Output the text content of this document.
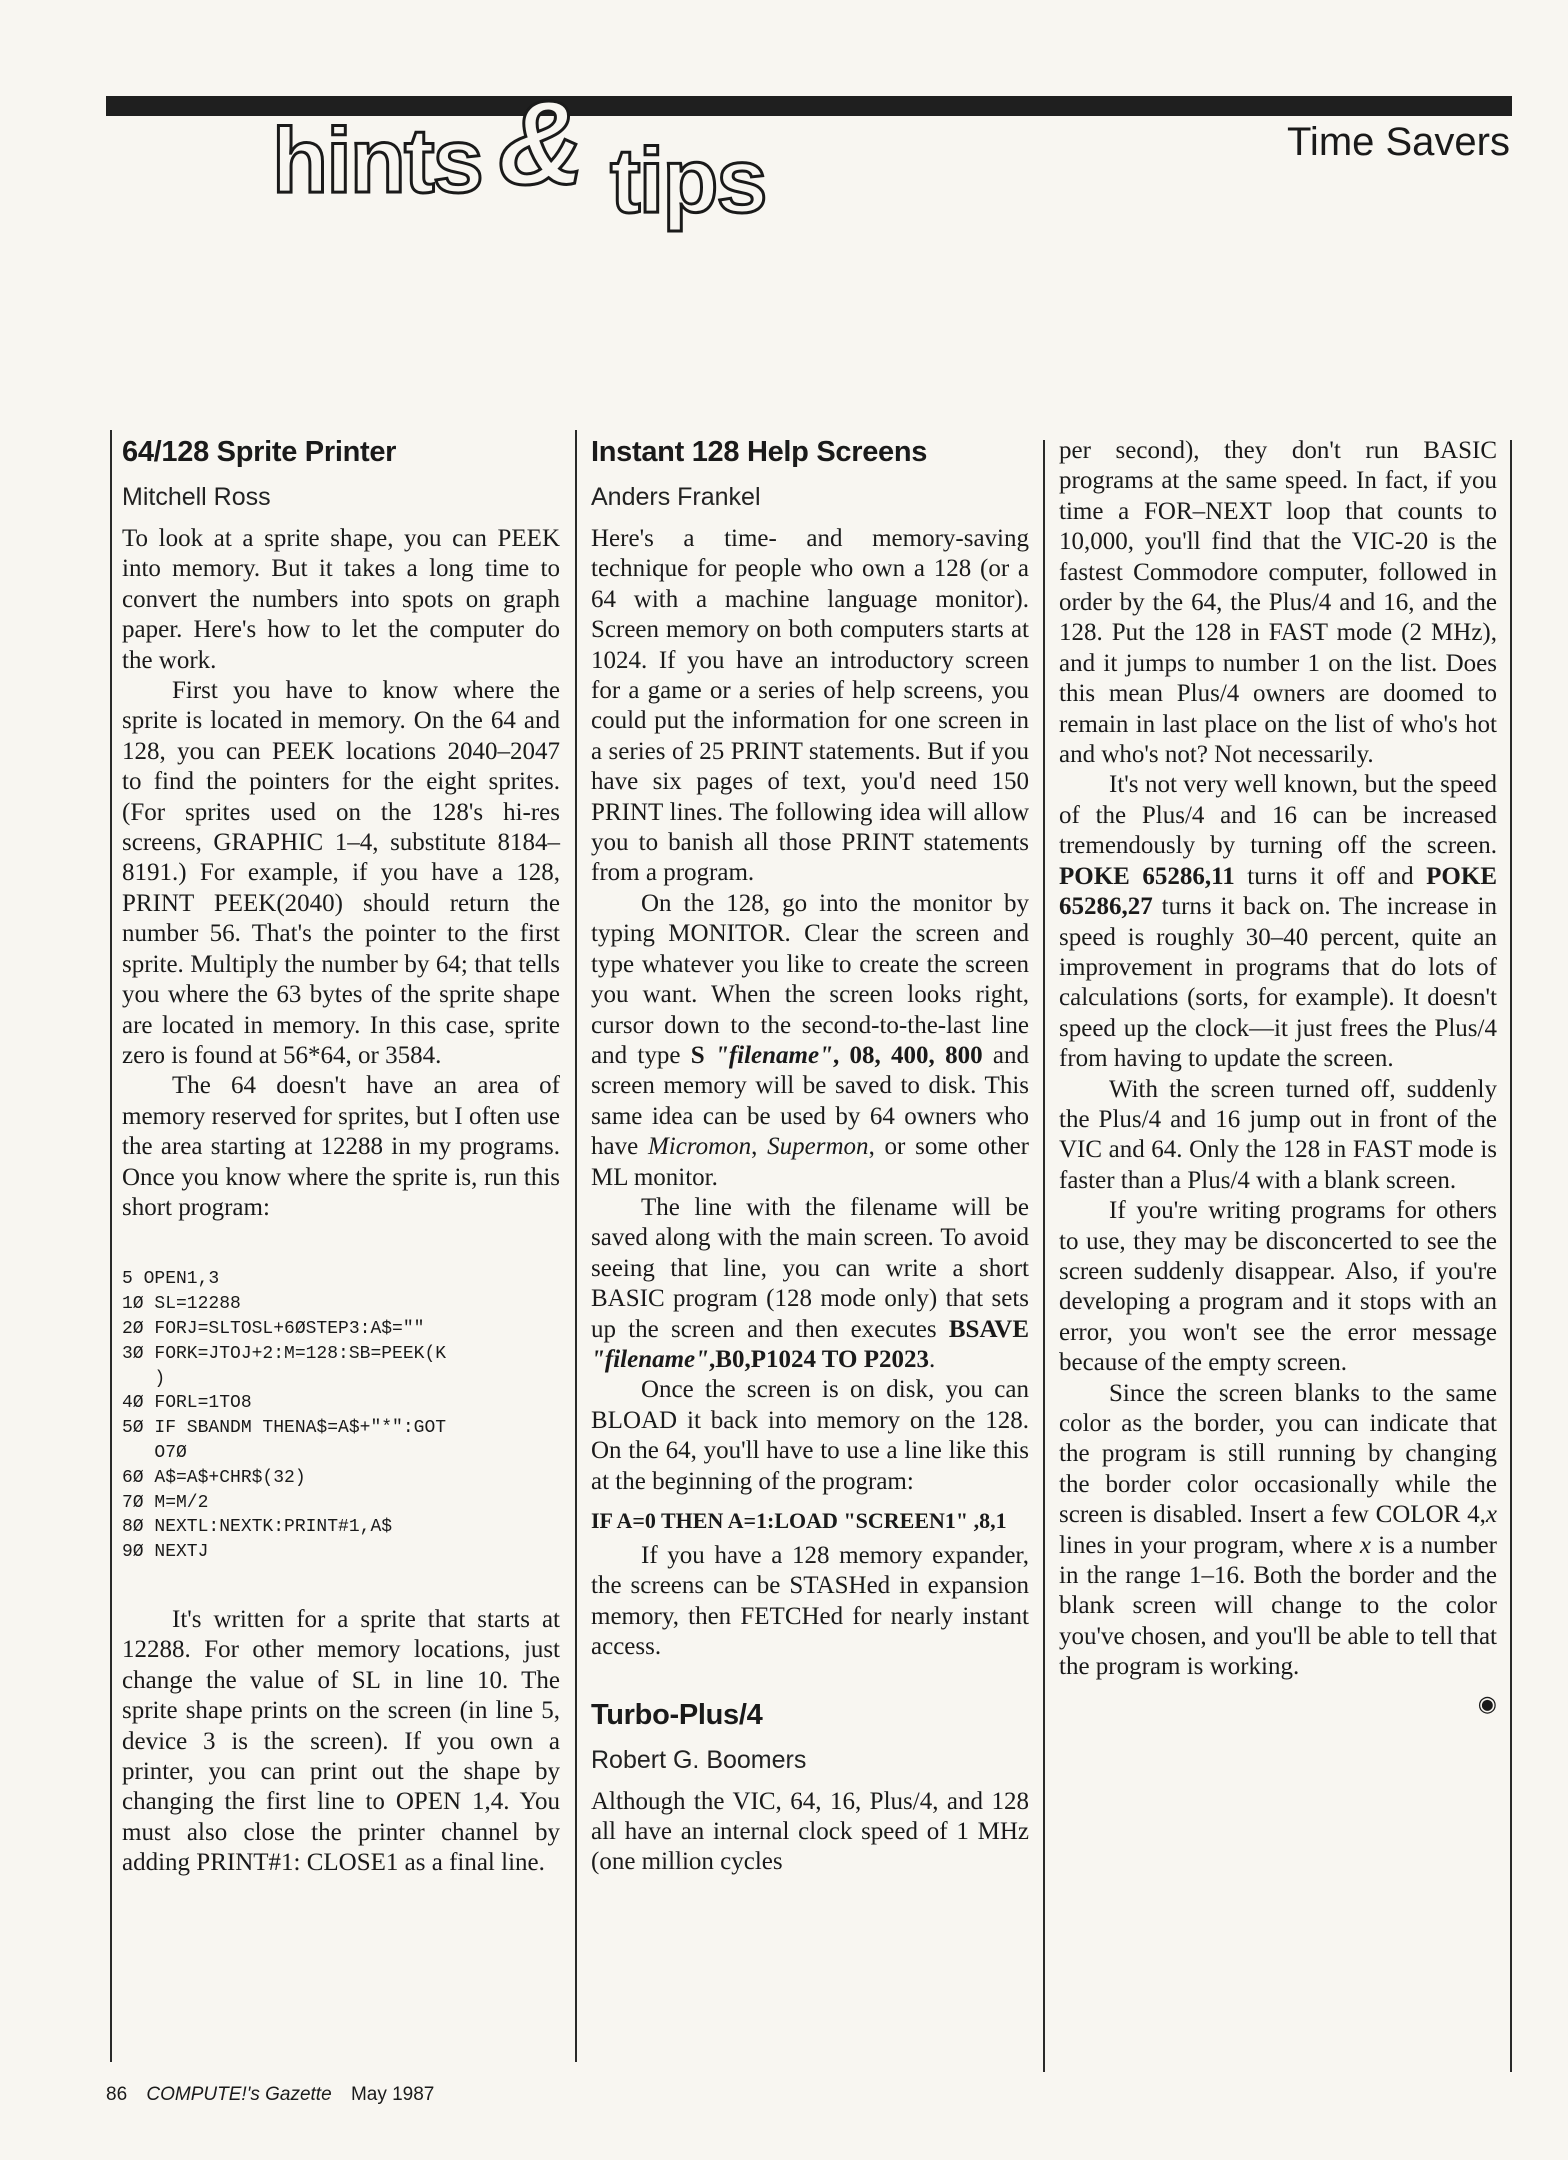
hints & tips	Time Savers
64/128 Sprite Printer
Mitchell Ross

To look at a sprite shape, you can PEEK into memory. But it takes a long time to convert the numbers into spots on graph paper. Here's how to let the computer do the work.

First you have to know where the sprite is located in memory. On the 64 and 128, you can PEEK locations 2040–2047 to find the pointers for the eight sprites. (For sprites used on the 128's hi-res screens, GRAPHIC 1–4, substitute 8184–8191.) For example, if you have a 128, PRINT PEEK(2040) should return the number 56. That's the pointer to the first sprite. Multiply the number by 64; that tells you where the 63 bytes of the sprite shape are located in memory. In this case, sprite zero is found at 56*64, or 3584.

The 64 doesn't have an area of memory reserved for sprites, but I often use the area starting at 12288 in my programs. Once you know where the sprite is, run this short program:

5 OPEN1,3
1Ø SL=12288
2Ø FORJ=SLTOSL+6ØSTEP3:A$=""
3Ø FORK=JTOJ+2:M=128:SB=PEEK(K
)
4Ø FORL=1TO8
5Ø IF SBANDM THENA$=A$+"*":GOT
O7Ø
6Ø A$=A$+CHR$(32)
7Ø M=M/2
8Ø NEXTL:NEXTK:PRINT#1,A$
9Ø NEXTJ

It's written for a sprite that starts at 12288. For other memory locations, just change the value of SL in line 10. The sprite shape prints on the screen (in line 5, device 3 is the screen). If you own a printer, you can print out the shape by changing the first line to OPEN 1,4. You must also close the printer channel by adding PRINT#1: CLOSE1 as a final line.

Instant 128 Help Screens
Anders Frankel

Here's a time- and memory-saving technique for people who own a 128 (or a 64 with a machine language monitor). Screen memory on both computers starts at 1024. If you have an introductory screen for a game or a series of help screens, you could put the information for one screen in a series of 25 PRINT statements. But if you have six pages of text, you'd need 150 PRINT lines. The following idea will allow you to banish all those PRINT statements from a program.

On the 128, go into the monitor by typing MONITOR. Clear the screen and type whatever you like to create the screen you want. When the screen looks right, cursor down to the second-to-the-last line and type S "filename", 08, 400, 800 and screen memory will be saved to disk. This same idea can be used by 64 owners who have Micromon, Supermon, or some other ML monitor.

The line with the filename will be saved along with the main screen. To avoid seeing that line, you can write a short BASIC program (128 mode only) that sets up the screen and then executes BSAVE "filename",B0,P1024 TO P2023.

Once the screen is on disk, you can BLOAD it back into memory on the 128. On the 64, you'll have to use a line like this at the beginning of the program:

IF A=0 THEN A=1:LOAD "SCREEN1" ,8,1

If you have a 128 memory expander, the screens can be STASHed in expansion memory, then FETCHed for nearly instant access.

Turbo-Plus/4
Robert G. Boomers

Although the VIC, 64, 16, Plus/4, and 128 all have an internal clock speed of 1 MHz (one million cycles

per second), they don't run BASIC programs at the same speed. In fact, if you time a FOR–NEXT loop that counts to 10,000, you'll find that the VIC-20 is the fastest Commodore computer, followed in order by the 64, the Plus/4 and 16, and the 128. Put the 128 in FAST mode (2 MHz), and it jumps to number 1 on the list. Does this mean Plus/4 owners are doomed to remain in last place on the list of who's hot and who's not? Not necessarily.

It's not very well known, but the speed of the Plus/4 and 16 can be increased tremendously by turning off the screen. POKE 65286,11 turns it off and POKE 65286,27 turns it back on. The increase in speed is roughly 30–40 percent, quite an improvement in programs that do lots of calculations (sorts, for example). It doesn't speed up the clock—it just frees the Plus/4 from having to update the screen.

With the screen turned off, suddenly the Plus/4 and 16 jump out in front of the VIC and 64. Only the 128 in FAST mode is faster than a Plus/4 with a blank screen.

If you're writing programs for others to use, they may be disconcerted to see the screen suddenly disappear. Also, if you're developing a program and it stops with an error, you won't see the error message because of the empty screen.

Since the screen blanks to the same color as the border, you can indicate that the program is still running by changing the border color occasionally while the screen is disabled. Insert a few COLOR 4,x lines in your program, where x is a number in the range 1–16. Both the border and the blank screen will change to the color you've chosen, and you'll be able to tell that the program is working.

◉
86 COMPUTE!'s Gazette May 1987
